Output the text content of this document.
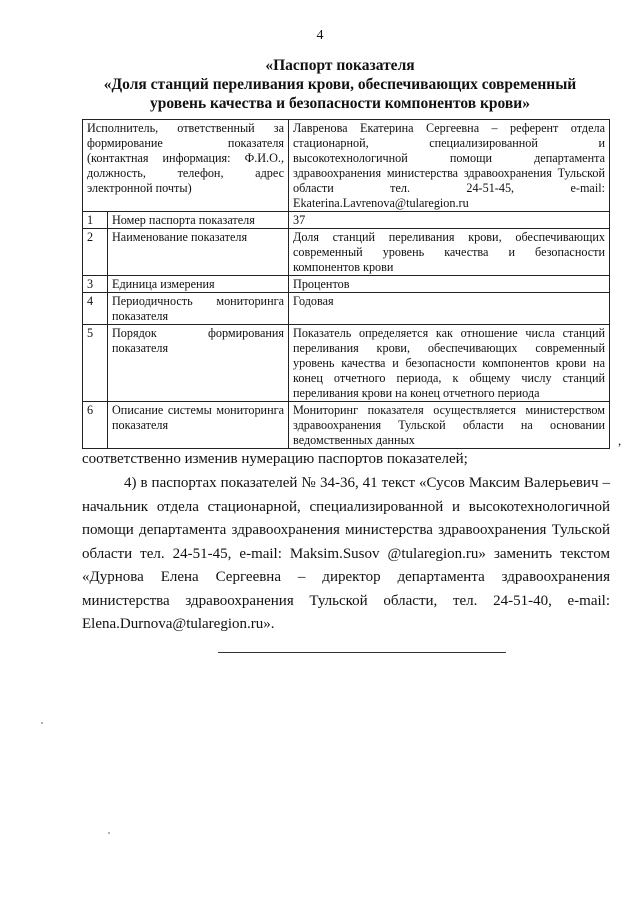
4
«Паспорт показателя
«Доля станций переливания крови, обеспечивающих современный
уровень качества и безопасности компонентов крови»
Исполнитель, ответственный за формирование показателя (контактная информация: Ф.И.О., должность, телефон, адрес электронной почты)		Лавренова Екатерина Сергеевна – референт отдела стационарной, специализированной и высокотехнологичной помощи департамента здравоохранения министерства здравоохранения Тульской области тел. 24-51-45, e-mail: Ekaterina.Lavrenova@tularegion.ru
1	Номер паспорта показателя	37
2	Наименование показателя	Доля станций переливания крови, обеспечивающих современный уровень качества и безопасности компонентов крови
3	Единица измерения	Процентов
4	Периодичность мониторинга показателя	Годовая
5	Порядок формирования показателя	Показатель определяется как отношение числа станций переливания крови, обеспечивающих современный уровень качества и безопасности компонентов крови на конец отчетного периода, к общему числу станций переливания крови на конец отчетного периода
6	Описание системы мониторинга показателя	Мониторинг показателя осуществляется министерством здравоохранения Тульской области на основании ведомственных данных	,
соответственно изменив нумерацию паспортов показателей;
4) в паспортах показателей № 34-36, 41 текст «Сусов Максим Валерьевич – начальник отдела стационарной, специализированной и высокотехнологичной помощи департамента здравоохранения министерства здравоохранения Тульской области тел. 24-51-45, e-mail: Maksim.Susov @tularegion.ru» заменить текстом «Дурнова Елена Сергеевна – директор департамента здравоохранения министерства здравоохранения Тульской области, тел. 24-51-40, e-mail: Elena.Durnova@tularegion.ru».
